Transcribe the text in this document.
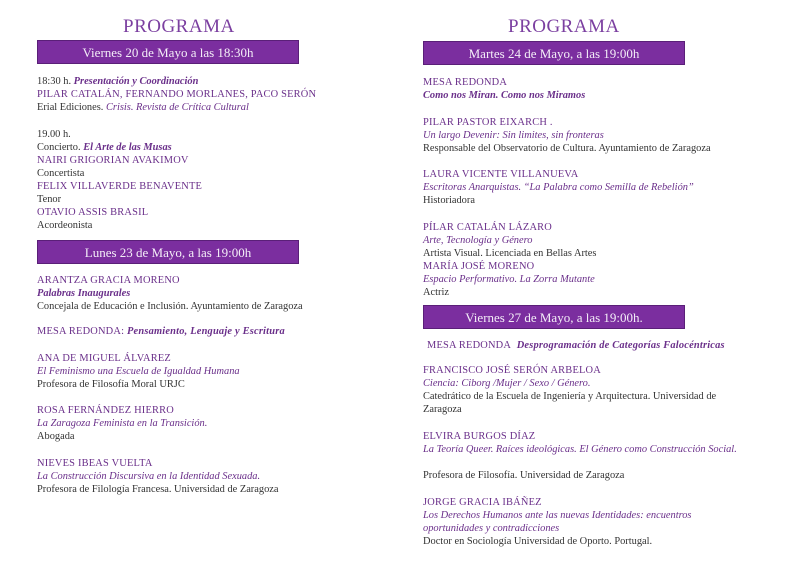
PROGRAMA
Viernes 20 de Mayo a las 18:30h
18:30 h. Presentación y Coordinación
PILAR CATALÁN, FERNANDO MORLANES, PACO SERÓN
Erial Ediciones. Crisis. Revista de Crítica Cultural
19.00 h.
Concierto. El Arte de las Musas
NAIRI GRIGORIAN AVAKIMOV
Concertista
FELIX VILLAVERDE BENAVENTE
Tenor
OTAVIO ASSIS BRASIL
Acordeonista
Lunes 23 de Mayo, a las 19:00h
ARANTZA GRACIA MORENO
Palabras Inaugurales
Concejala de Educación e Inclusión. Ayuntamiento de Zaragoza
MESA REDONDA: Pensamiento, Lenguaje y Escritura
ANA DE MIGUEL ÁLVAREZ
El Feminismo una Escuela de Igualdad Humana
Profesora de Filosofía Moral URJC
ROSA FERNÁNDEZ HIERRO
La Zaragoza Feminista en la Transición.
Abogada
NIEVES IBEAS VUELTA
La Construcción Discursiva en la Identidad Sexuada.
Profesora de Filología Francesa. Universidad de Zaragoza
PROGRAMA
Martes 24 de Mayo, a las 19:00h
MESA REDONDA
Como nos Miran. Como nos Miramos
PILAR PASTOR EIXARCH .
Un largo Devenir: Sin limites, sin fronteras
Responsable del Observatorio de Cultura. Ayuntamiento de Zaragoza
LAURA VICENTE VILLANUEVA
Escritoras Anarquistas. “La Palabra como Semilla de Rebelión”
Historiadora
PÍLAR CATALÁN LÁZARO
Arte, Tecnología y Género
Artista Visual. Licenciada en Bellas Artes
MARÍA JOSÉ MORENO
Espacio Performativo. La Zorra Mutante
Actriz
Viernes 27 de Mayo, a las 19:00h.
MESA REDONDA Desprogramación de Categorías Falocéntricas
FRANCISCO JOSÉ SERÓN ARBELOA
Ciencia: Ciborg /Mujer / Sexo / Género.
Catedrático de la Escuela de Ingeniería y Arquitectura. Universidad de Zaragoza
ELVIRA BURGOS DÍAZ
La Teoría Queer. Raíces ideológicas. El Género como Construcción Social.
Profesora de Filosofía. Universidad de Zaragoza
JORGE GRACIA IBÁÑEZ
Los Derechos Humanos ante las nuevas Identidades: encuentros oportunidades y contradicciones
Doctor en Sociología Universidad de Oporto. Portugal.
